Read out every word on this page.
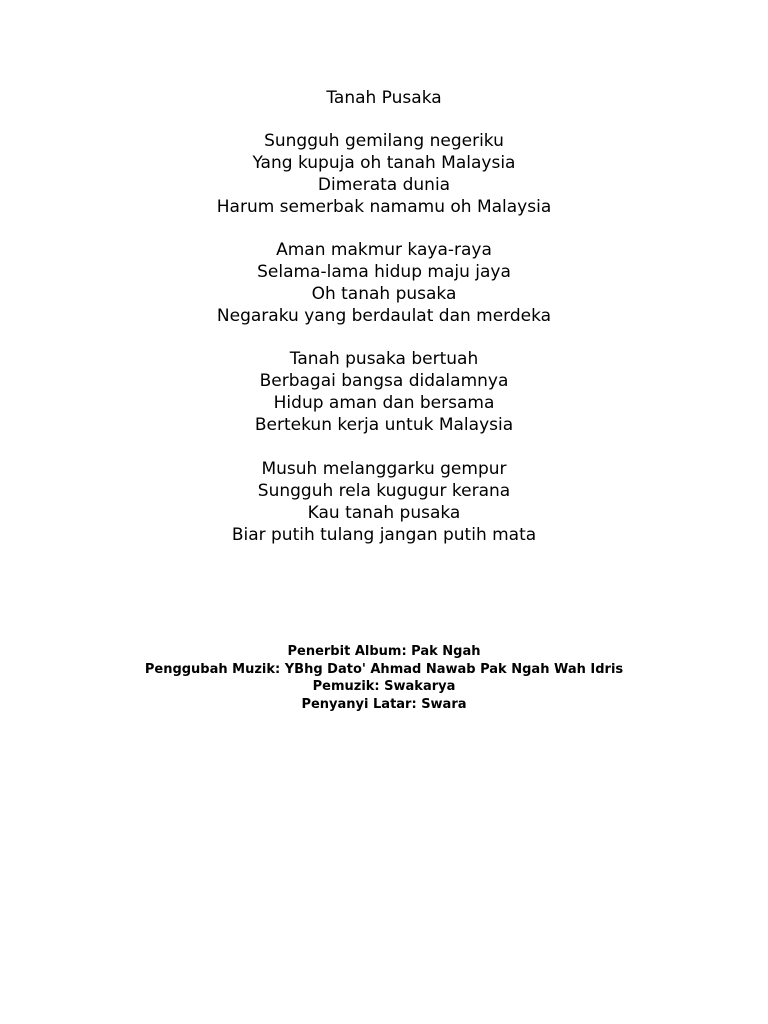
Tanah Pusaka
Sungguh gemilang negeriku
Yang kupuja oh tanah Malaysia
Dimerata dunia
Harum semerbak namamu oh Malaysia
Aman makmur kaya-raya
Selama-lama hidup maju jaya
Oh tanah pusaka
Negaraku yang berdaulat dan merdeka
Tanah pusaka bertuah
Berbagai bangsa didalamnya
Hidup aman dan bersama
Bertekun kerja untuk Malaysia
Musuh melanggarku gempur
Sungguh rela kugugur kerana
Kau tanah pusaka
Biar putih tulang jangan putih mata
Penerbit Album: Pak Ngah
Penggubah Muzik: YBhg Dato' Ahmad Nawab Pak Ngah Wah Idris
Pemuzik: Swakarya
Penyanyi Latar: Swara
